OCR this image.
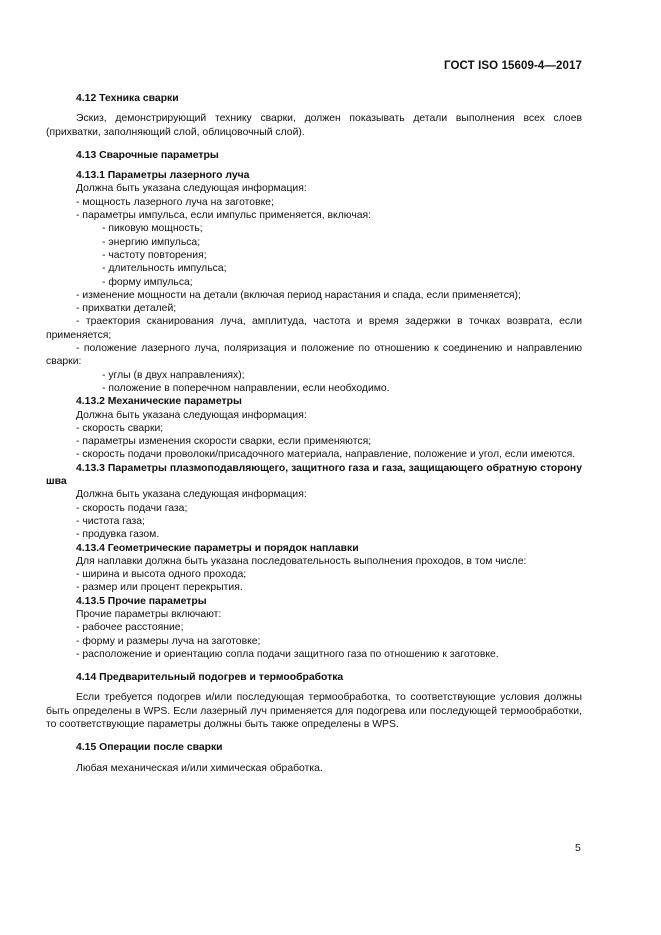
ГОСТ ISO 15609-4—2017

4.12 Техника сварки

Эскиз, демонстрирующий технику сварки, должен показывать детали выполнения всех слоев (прихватки, заполняющий слой, облицовочный слой).

4.13 Сварочные параметры

4.13.1 Параметры лазерного луча

Должна быть указана следующая информация:

- мощность лазерного луча на заготовке;

- параметры импульса, если импульс применяется, включая:

- пиковую мощность;

- энергию импульса;

- частоту повторения;

- длительность импульса;

- форму импульса;

- изменение мощности на детали (включая период нарастания и спада, если применяется);

- прихватки деталей;

- траектория сканирования луча, амплитуда, частота и время задержки в точках возврата, если применяется;

- положение лазерного луча, поляризация и положение по отношению к соединению и направлению сварки:

- углы (в двух направлениях);

- положение в поперечном направлении, если необходимо.

4.13.2 Механические параметры

Должна быть указана следующая информация:

- скорость сварки;

- параметры изменения скорости сварки, если применяются;

- скорость подачи проволоки/присадочного материала, направление, положение и угол, если имеются.

4.13.3 Параметры плазмоподавляющего, защитного газа и газа, защищающего обратную сторону шва

Должна быть указана следующая информация:

- скорость подачи газа;

- чистота газа;

- продувка газом.

4.13.4 Геометрические параметры и порядок наплавки

Для наплавки должна быть указана последовательность выполнения проходов, в том числе:

- ширина и высота одного прохода;

- размер или процент перекрытия.

4.13.5 Прочие параметры

Прочие параметры включают:

- рабочее расстояние;

- форму и размеры луча на заготовке;

- расположение и ориентацию сопла подачи защитного газа по отношению к заготовке.

4.14 Предварительный подогрев и термообработка

Если требуется подогрев и/или последующая термообработка, то соответствующие условия должны быть определены в WPS. Если лазерный луч применяется для подогрева или последующей термообработки, то соответствующие параметры должны быть также определены в WPS.

4.15 Операции после сварки

Любая механическая и/или химическая обработка.

5
